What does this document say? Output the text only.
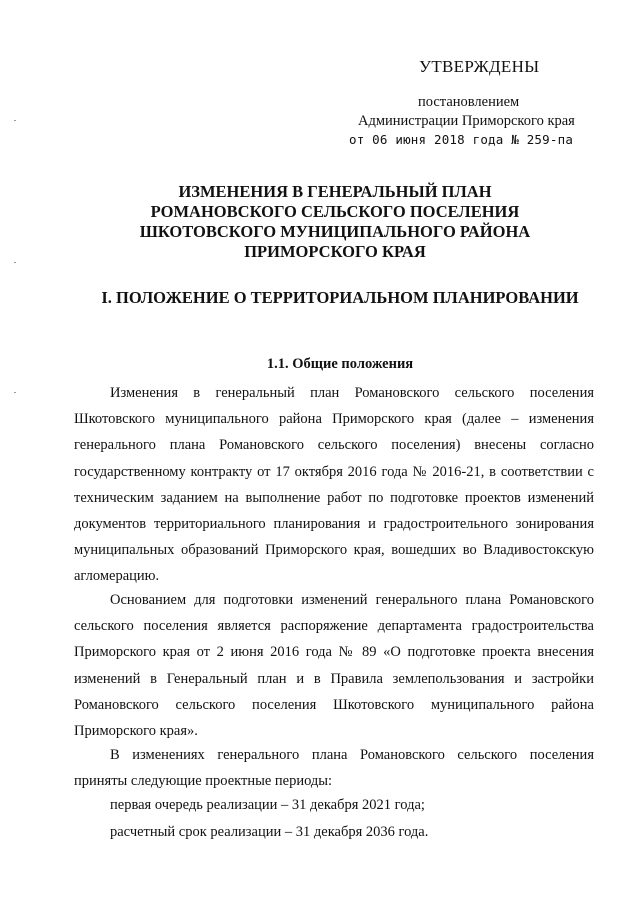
УТВЕРЖДЕНЫ
постановлением
Администрации Приморского края
от 06 июня 2018 года № 259-па
ИЗМЕНЕНИЯ В ГЕНЕРАЛЬНЫЙ ПЛАН
РОМАНОВСКОГО СЕЛЬСКОГО ПОСЕЛЕНИЯ
ШКОТОВСКОГО МУНИЦИПАЛЬНОГО РАЙОНА
ПРИМОРСКОГО КРАЯ
I. ПОЛОЖЕНИЕ О ТЕРРИТОРИАЛЬНОМ ПЛАНИРОВАНИИ
1.1. Общие положения

Изменения в генеральный план Романовского сельского поселения Шкотовского муниципального района Приморского края (далее – изменения генерального плана Романовского сельского поселения) внесены согласно государственному контракту от 17 октября 2016 года № 2016-21, в соответствии с техническим заданием на выполнение работ по подготовке проектов изменений документов территориального планирования и градостроительного зонирования муниципальных образований Приморского края, вошедших во Владивостокскую агломерацию.

Основанием для подготовки изменений генерального плана Романовского сельского поселения является распоряжение департамента градостроительства Приморского края от 2 июня 2016 года № 89 «О подготовке проекта внесения изменений в Генеральный план и в Правила землепользования и застройки Романовского сельского поселения Шкотовского муниципального района Приморского края».

В изменениях генерального плана Романовского сельского поселения приняты следующие проектные периоды:

первая очередь реализации – 31 декабря 2021 года;
расчетный срок реализации – 31 декабря 2036 года.
